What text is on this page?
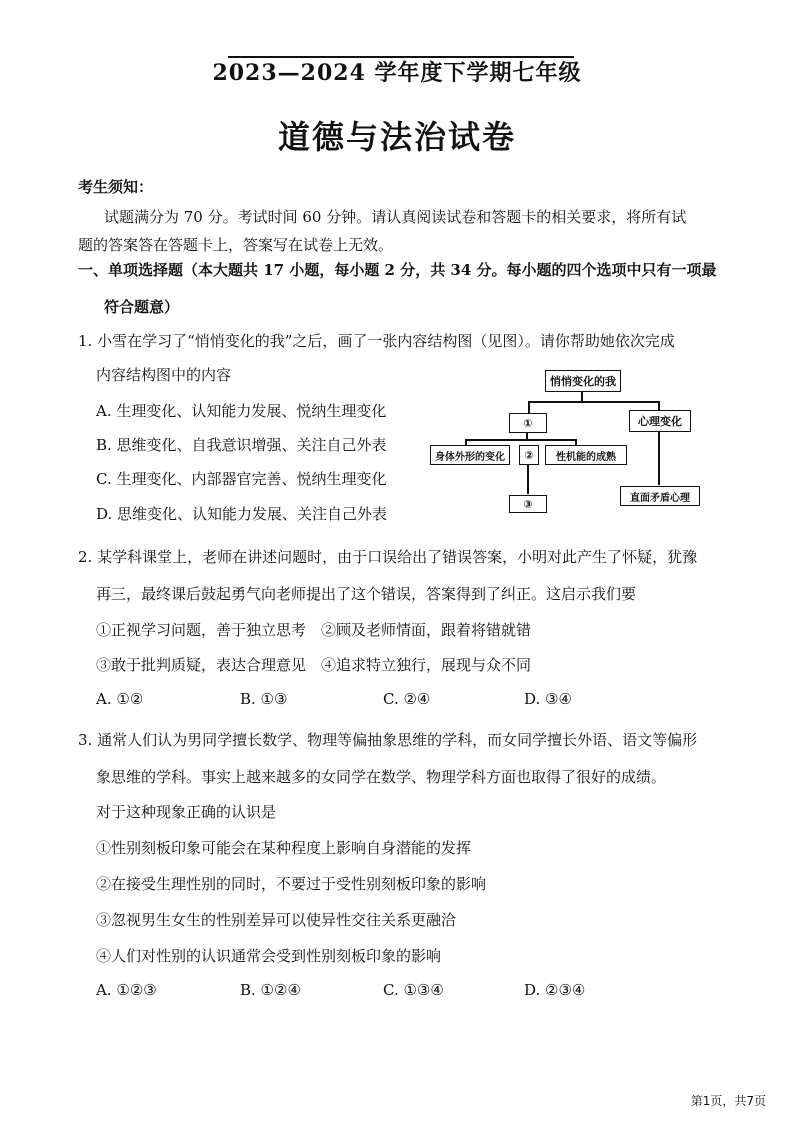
2023—2024 学年度下学期七年级
道德与法治试卷
考生须知：
试题满分为 70 分。考试时间 60 分钟。请认真阅读试卷和答题卡的相关要求，将所有试
题的答案答在答题卡上，答案写在试卷上无效。
一、单项选择题（本大题共 17 小题，每小题 2 分，共 34 分。每小题的四个选项中只有一项最
符合题意）
1. 小雪在学习了“悄悄变化的我”之后，画了一张内容结构图（见图）。请你帮助她依次完成
内容结构图中的内容
A. 生理变化、认知能力发展、悦纳生理变化
B. 思维变化、自我意识增强、关注自己外表
C. 生理变化、内部器官完善、悦纳生理变化
D. 思维变化、认知能力发展、关注自己外表
悄悄变化的我
①	心理变化
身体外形的变化	②	性机能的成熟
③	直面矛盾心理
2. 某学科课堂上，老师在讲述问题时，由于口误给出了错误答案，小明对此产生了怀疑，犹豫
再三，最终课后鼓起勇气向老师提出了这个错误，答案得到了纠正。这启示我们要
①正视学习问题，善于独立思考　②顾及老师情面，跟着将错就错
③敢于批判质疑，表达合理意见　④追求特立独行，展现与众不同
A. ①②	B. ①③	C. ②④	D. ③④
3. 通常人们认为男同学擅长数学、物理等偏抽象思维的学科，而女同学擅长外语、语文等偏形
象思维的学科。事实上越来越多的女同学在数学、物理学科方面也取得了很好的成绩。
对于这种现象正确的认识是
①性别刻板印象可能会在某种程度上影响自身潜能的发挥
②在接受生理性别的同时，不要过于受性别刻板印象的影响
③忽视男生女生的性别差异可以使异性交往关系更融洽
④人们对性别的认识通常会受到性别刻板印象的影响
A. ①②③	B. ①②④	C. ①③④	D. ②③④
第1页，共7页
